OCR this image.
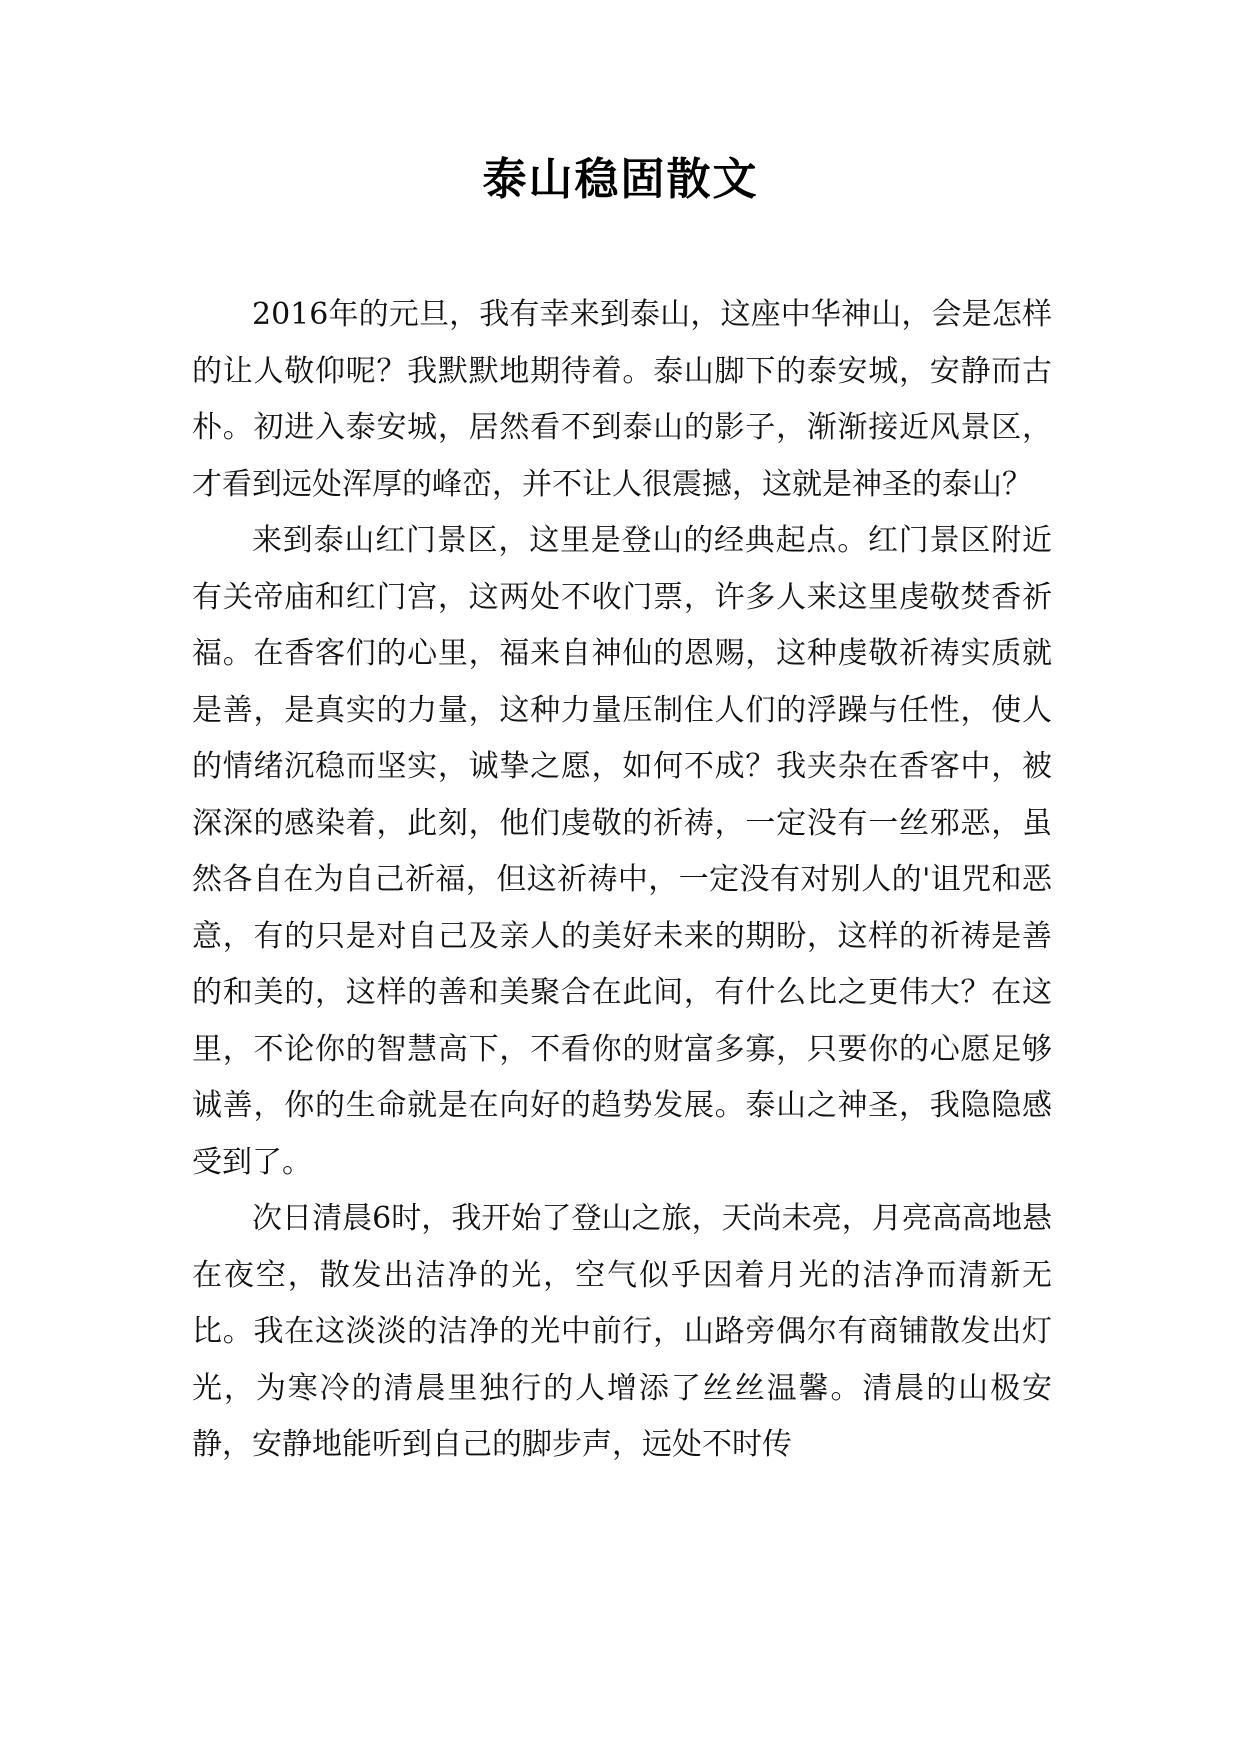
泰山稳固散文

2016年的元旦，我有幸来到泰山，这座中华神山，会是怎样的让人敬仰呢？我默默地期待着。泰山脚下的泰安城，安静而古朴。初进入泰安城，居然看不到泰山的影子，渐渐接近风景区，才看到远处浑厚的峰峦，并不让人很震撼，这就是神圣的泰山？

来到泰山红门景区，这里是登山的经典起点。红门景区附近有关帝庙和红门宫，这两处不收门票，许多人来这里虔敬焚香祈福。在香客们的心里，福来自神仙的恩赐，这种虔敬祈祷实质就是善，是真实的力量，这种力量压制住人们的浮躁与任性，使人的情绪沉稳而坚实，诚挚之愿，如何不成？我夹杂在香客中，被深深的感染着，此刻，他们虔敬的祈祷，一定没有一丝邪恶，虽然各自在为自己祈福，但这祈祷中，一定没有对别人的'诅咒和恶意，有的只是对自己及亲人的美好未来的期盼，这样的祈祷是善的和美的，这样的善和美聚合在此间，有什么比之更伟大？在这里，不论你的智慧高下，不看你的财富多寡，只要你的心愿足够诚善，你的生命就是在向好的趋势发展。泰山之神圣，我隐隐感受到了。

次日清晨6时，我开始了登山之旅，天尚未亮，月亮高高地悬在夜空，散发出洁净的光，空气似乎因着月光的洁净而清新无比。我在这淡淡的洁净的光中前行，山路旁偶尔有商铺散发出灯光，为寒冷的清晨里独行的人增添了丝丝温馨。清晨的山极安静，安静地能听到自己的脚步声，远处不时传
